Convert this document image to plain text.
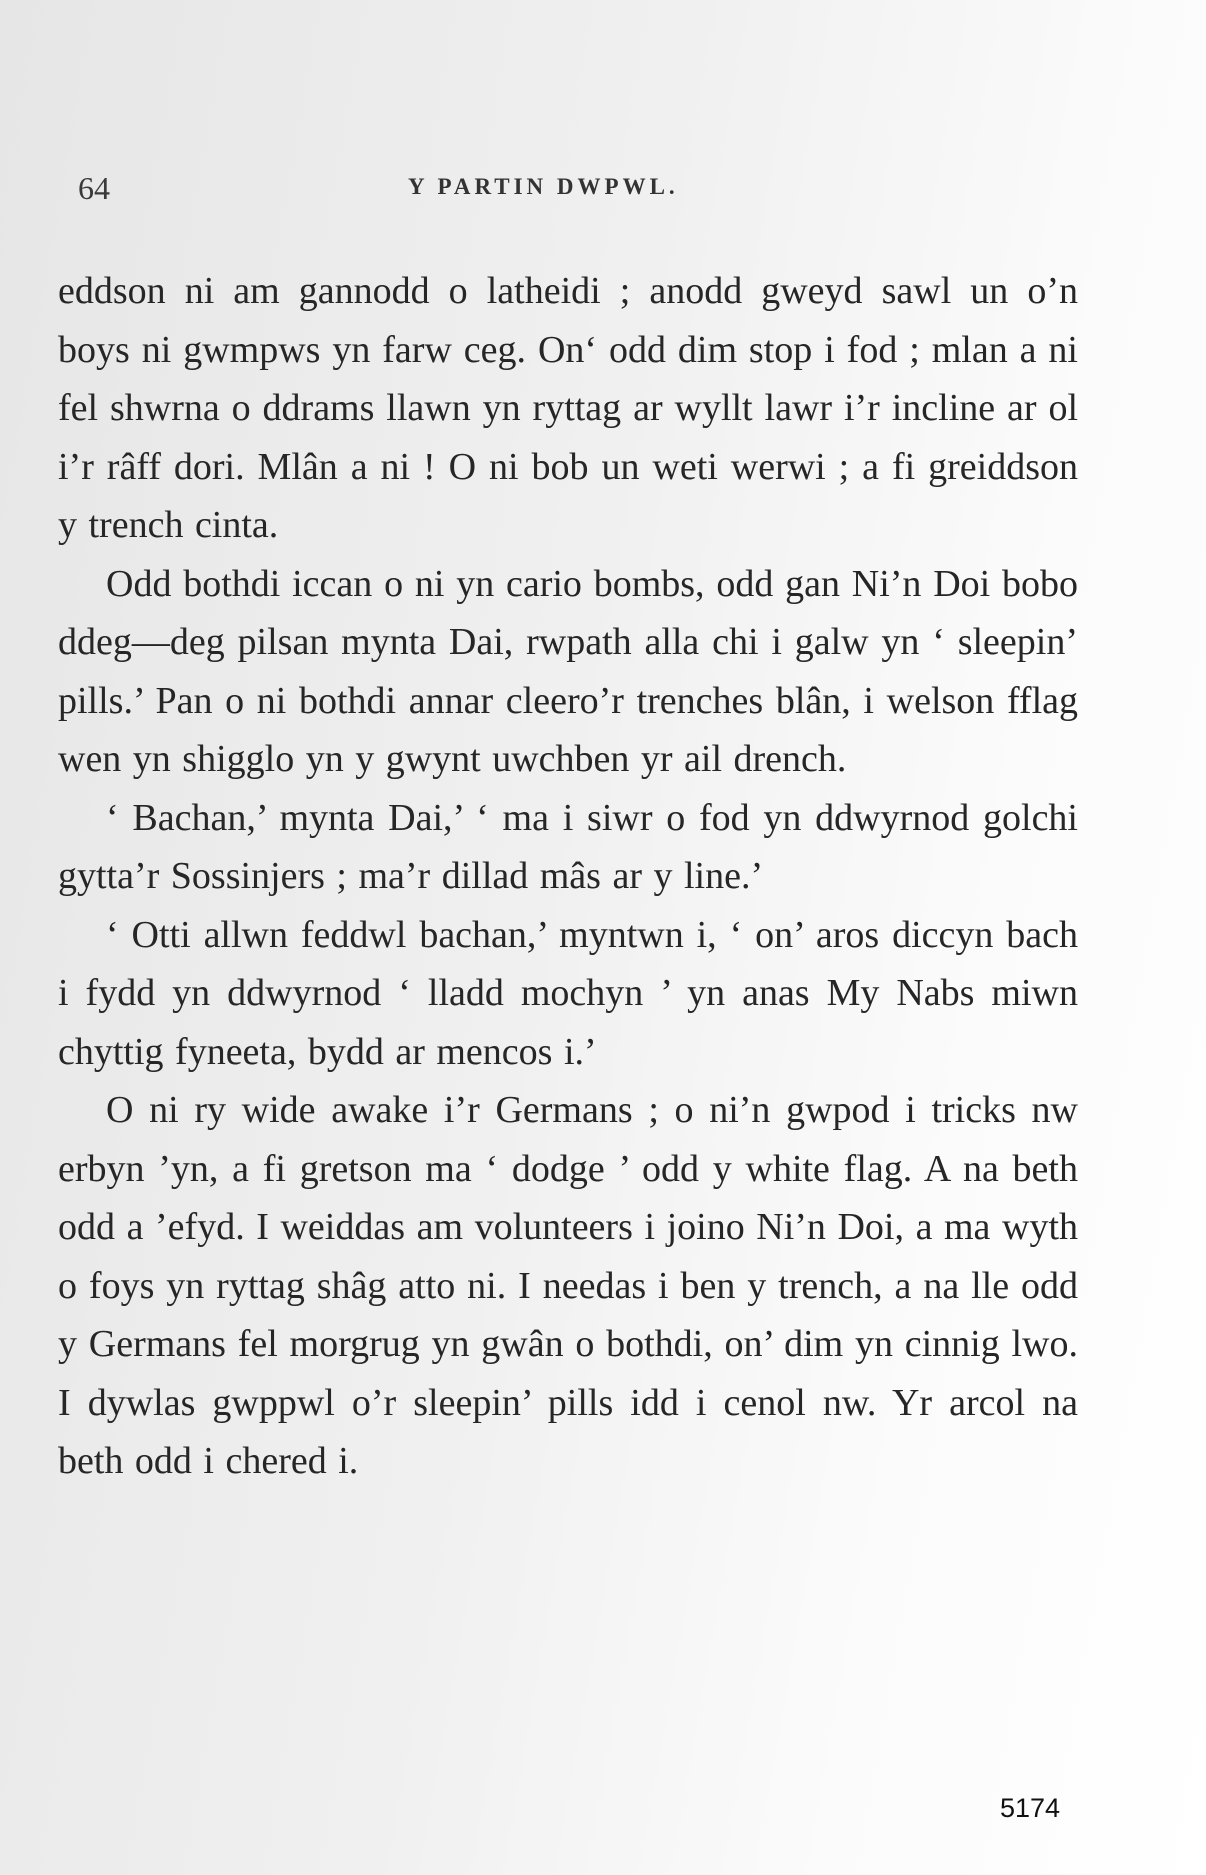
64	Y PARTIN DWPWL.

eddson ni am gannodd o latheidi ; anodd gweyd sawl un o’n boys ni gwmpws yn farw ceg. On‘ odd dim stop i fod ; mlan a ni fel shwrna o ddrams llawn yn ryttag ar wyllt lawr i’r incline ar ol i’r râff dori. Mlân a ni ! O ni bob un weti werwi ; a fi greiddson y trench cinta.

Odd bothdi iccan o ni yn cario bombs, odd gan Ni’n Doi bobo ddeg—deg pilsan mynta Dai, rwpath alla chi i galw yn ‘ sleepin’ pills.’ Pan o ni bothdi annar cleero’r trenches blân, i welson fflag wen yn shigglo yn y gwynt uwchben yr ail drench.

‘ Bachan,’ mynta Dai,’ ‘ ma i siwr o fod yn ddwyrnod golchi gytta’r Sossinjers ; ma’r dillad mâs ar y line.’

‘ Otti allwn feddwl bachan,’ myntwn i, ‘ on’ aros diccyn bach i fydd yn ddwyrnod ‘ lladd mochyn ’ yn anas My Nabs miwn chyttig fyneeta, bydd ar mencos i.’

O ni ry wide awake i’r Germans ; o ni’n gwpod i tricks nw erbyn ’yn, a fi gretson ma ‘ dodge ’ odd y white flag. A na beth odd a ’efyd. I weiddas am volunteers i joino Ni’n Doi, a ma wyth o foys yn ryttag shâg atto ni. I needas i ben y trench, a na lle odd y Germans fel morgrug yn gwân o bothdi, on’ dim yn cinnig lwo. I dywlas gwppwl o’r sleepin’ pills idd i cenol nw. Yr arcol na beth odd i chered i.

5174
